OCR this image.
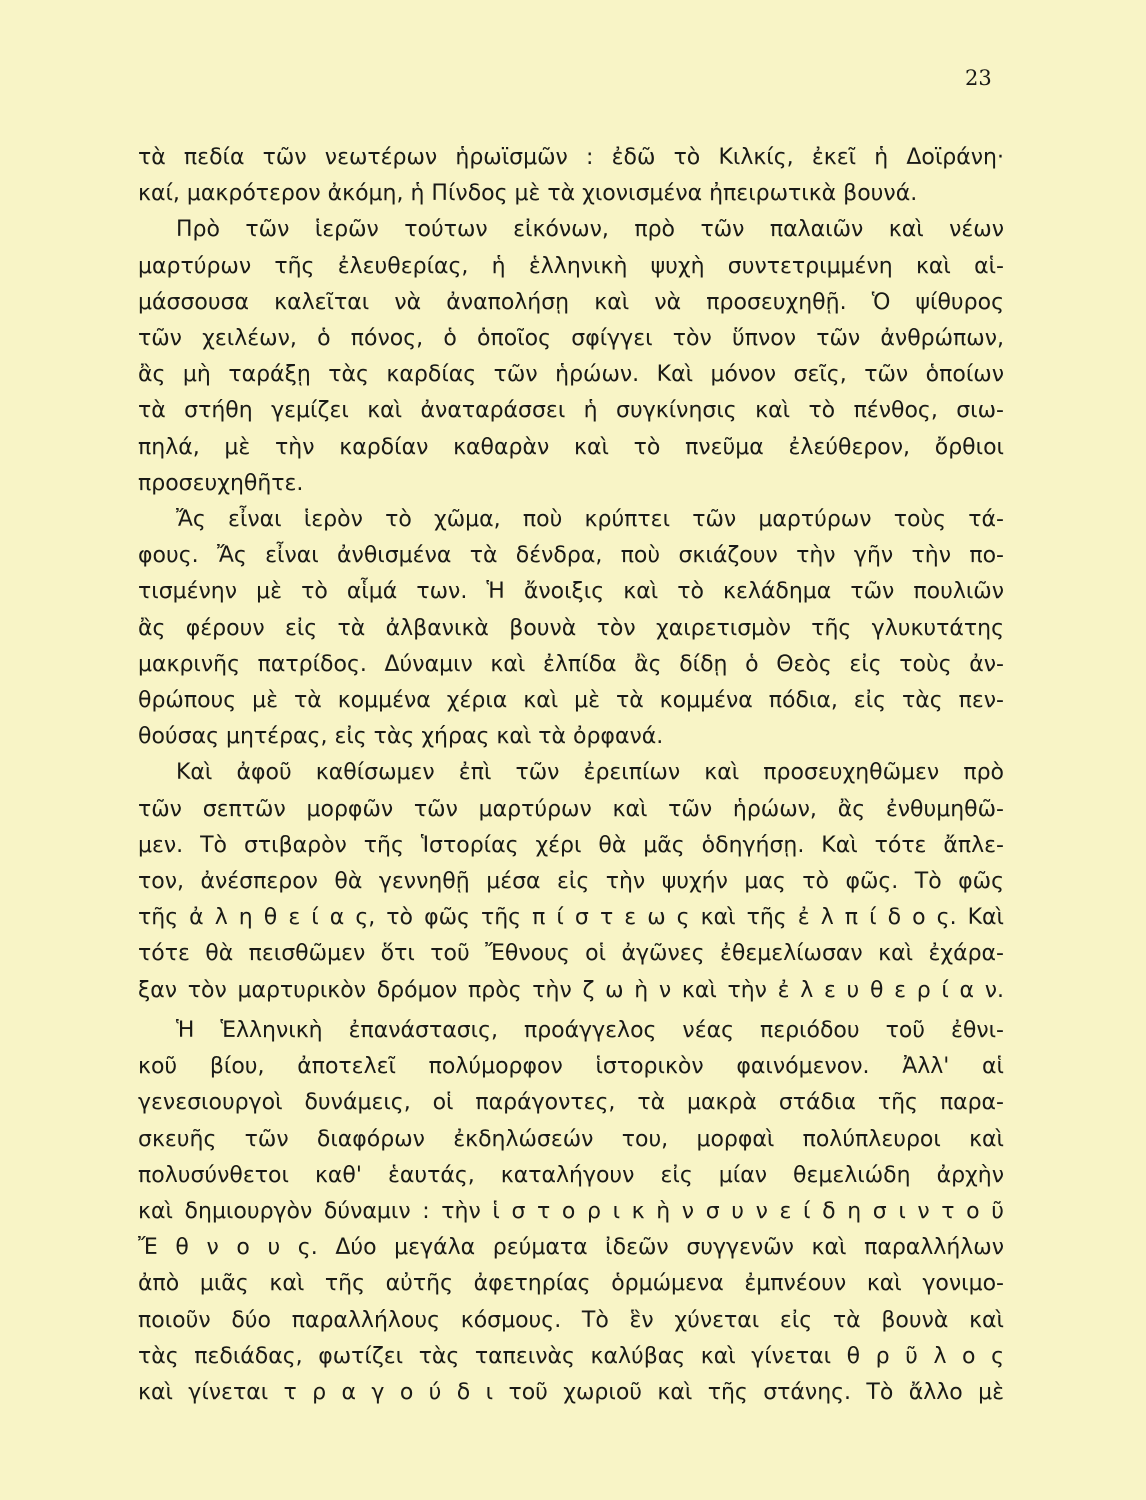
23
τὰ πεδία τῶν νεωτέρων ἡρωϊσμῶν : ἐδῶ τὸ Κιλκίς, ἐκεῖ ἡ Δοϊράνη·
καί, μακρότερον ἀκόμη, ἡ Πίνδος μὲ τὰ χιονισμένα ἠπειρωτικὰ βουνά.
Πρὸ τῶν ἱερῶν τούτων εἰκόνων, πρὸ τῶν παλαιῶν καὶ νέων
μαρτύρων τῆς ἐλευθερίας, ἡ ἑλληνικὴ ψυχὴ συντετριμμένη καὶ αἱ-
μάσσουσα καλεῖται νὰ ἀναπολήσῃ καὶ νὰ προσευχηθῇ. Ὁ ψίθυρος
τῶν χειλέων, ὁ πόνος, ὁ ὁποῖος σφίγγει τὸν ὕπνον τῶν ἀνθρώπων,
ἂς μὴ ταράξῃ τὰς καρδίας τῶν ἡρώων. Καὶ μόνον σεῖς, τῶν ὁποίων
τὰ στήθη γεμίζει καὶ ἀναταράσσει ἡ συγκίνησις καὶ τὸ πένθος, σιω-
πηλά, μὲ τὴν καρδίαν καθαρὰν καὶ τὸ πνεῦμα ἐλεύθερον, ὄρθιοι
προσευχηθῆτε.
Ἄς εἶναι ἱερὸν τὸ χῶμα, ποὺ κρύπτει τῶν μαρτύρων τοὺς τά-
φους. Ἄς εἶναι ἀνθισμένα τὰ δένδρα, ποὺ σκιάζουν τὴν γῆν τὴν πο-
τισμένην μὲ τὸ αἷμά των. Ἡ ἄνοιξις καὶ τὸ κελάδημα τῶν πουλιῶν
ἂς φέρουν εἰς τὰ ἀλβανικὰ βουνὰ τὸν χαιρετισμὸν τῆς γλυκυτάτης
μακρινῆς πατρίδος. Δύναμιν καὶ ἐλπίδα ἂς δίδῃ ὁ Θεὸς εἰς τοὺς ἀν-
θρώπους μὲ τὰ κομμένα χέρια καὶ μὲ τὰ κομμένα πόδια, εἰς τὰς πεν-
θούσας μητέρας, εἰς τὰς χήρας καὶ τὰ ὀρφανά.
Καὶ ἀφοῦ καθίσωμεν ἐπὶ τῶν ἐρειπίων καὶ προσευχηθῶμεν πρὸ
τῶν σεπτῶν μορφῶν τῶν μαρτύρων καὶ τῶν ἡρώων, ἂς ἐνθυμηθῶ-
μεν. Τὸ στιβαρὸν τῆς Ἱστορίας χέρι θὰ μᾶς ὁδηγήσῃ. Καὶ τότε ἄπλε-
τον, ἀνέσπερον θὰ γεννηθῇ μέσα εἰς τὴν ψυχήν μας τὸ φῶς. Τὸ φῶς
τῆς ἀ λ η θ ε ί α ς, τὸ φῶς τῆς π ί σ τ ε ω ς καὶ τῆς ἐ λ π ί δ ο ς. Καὶ
τότε θὰ πεισθῶμεν ὅτι τοῦ Ἔθνους οἱ ἀγῶνες ἐθεμελίωσαν καὶ ἐχάρα-
ξαν τὸν μαρτυρικὸν δρόμον πρὸς τὴν ζ ω ὴ ν καὶ τὴν ἐ λ ε υ θ ε ρ ί α ν.
Ἡ Ἑλληνικὴ ἐπανάστασις, προάγγελος νέας περιόδου τοῦ ἐθνι-
κοῦ βίου, ἀποτελεῖ πολύμορφον ἱστορικὸν φαινόμενον. Ἀλλ' αἱ
γενεσιουργοὶ δυνάμεις, οἱ παράγοντες, τὰ μακρὰ στάδια τῆς παρα-
σκευῆς τῶν διαφόρων ἐκδηλώσεών του, μορφαὶ πολύπλευροι καὶ
πολυσύνθετοι καθ' ἑαυτάς, καταλήγουν εἰς μίαν θεμελιώδη ἀρχὴν
καὶ δημιουργὸν δύναμιν : τὴν ἱ σ τ ο ρ ι κ ὴ ν σ υ ν ε ί δ η σ ι ν τ ο ῦ
Ἔ θ ν ο υ ς. Δύο μεγάλα ρεύματα ἰδεῶν συγγενῶν καὶ παραλλήλων
ἀπὸ μιᾶς καὶ τῆς αὐτῆς ἀφετηρίας ὁρμώμενα ἐμπνέουν καὶ γονιμο-
ποιοῦν δύο παραλλήλους κόσμους. Τὸ ἓν χύνεται εἰς τὰ βουνὰ καὶ
τὰς πεδιάδας, φωτίζει τὰς ταπεινὰς καλύβας καὶ γίνεται θ ρ ῦ λ ο ς
καὶ γίνεται τ ρ α γ ο ύ δ ι τοῦ χωριοῦ καὶ τῆς στάνης. Τὸ ἄλλο μὲ
